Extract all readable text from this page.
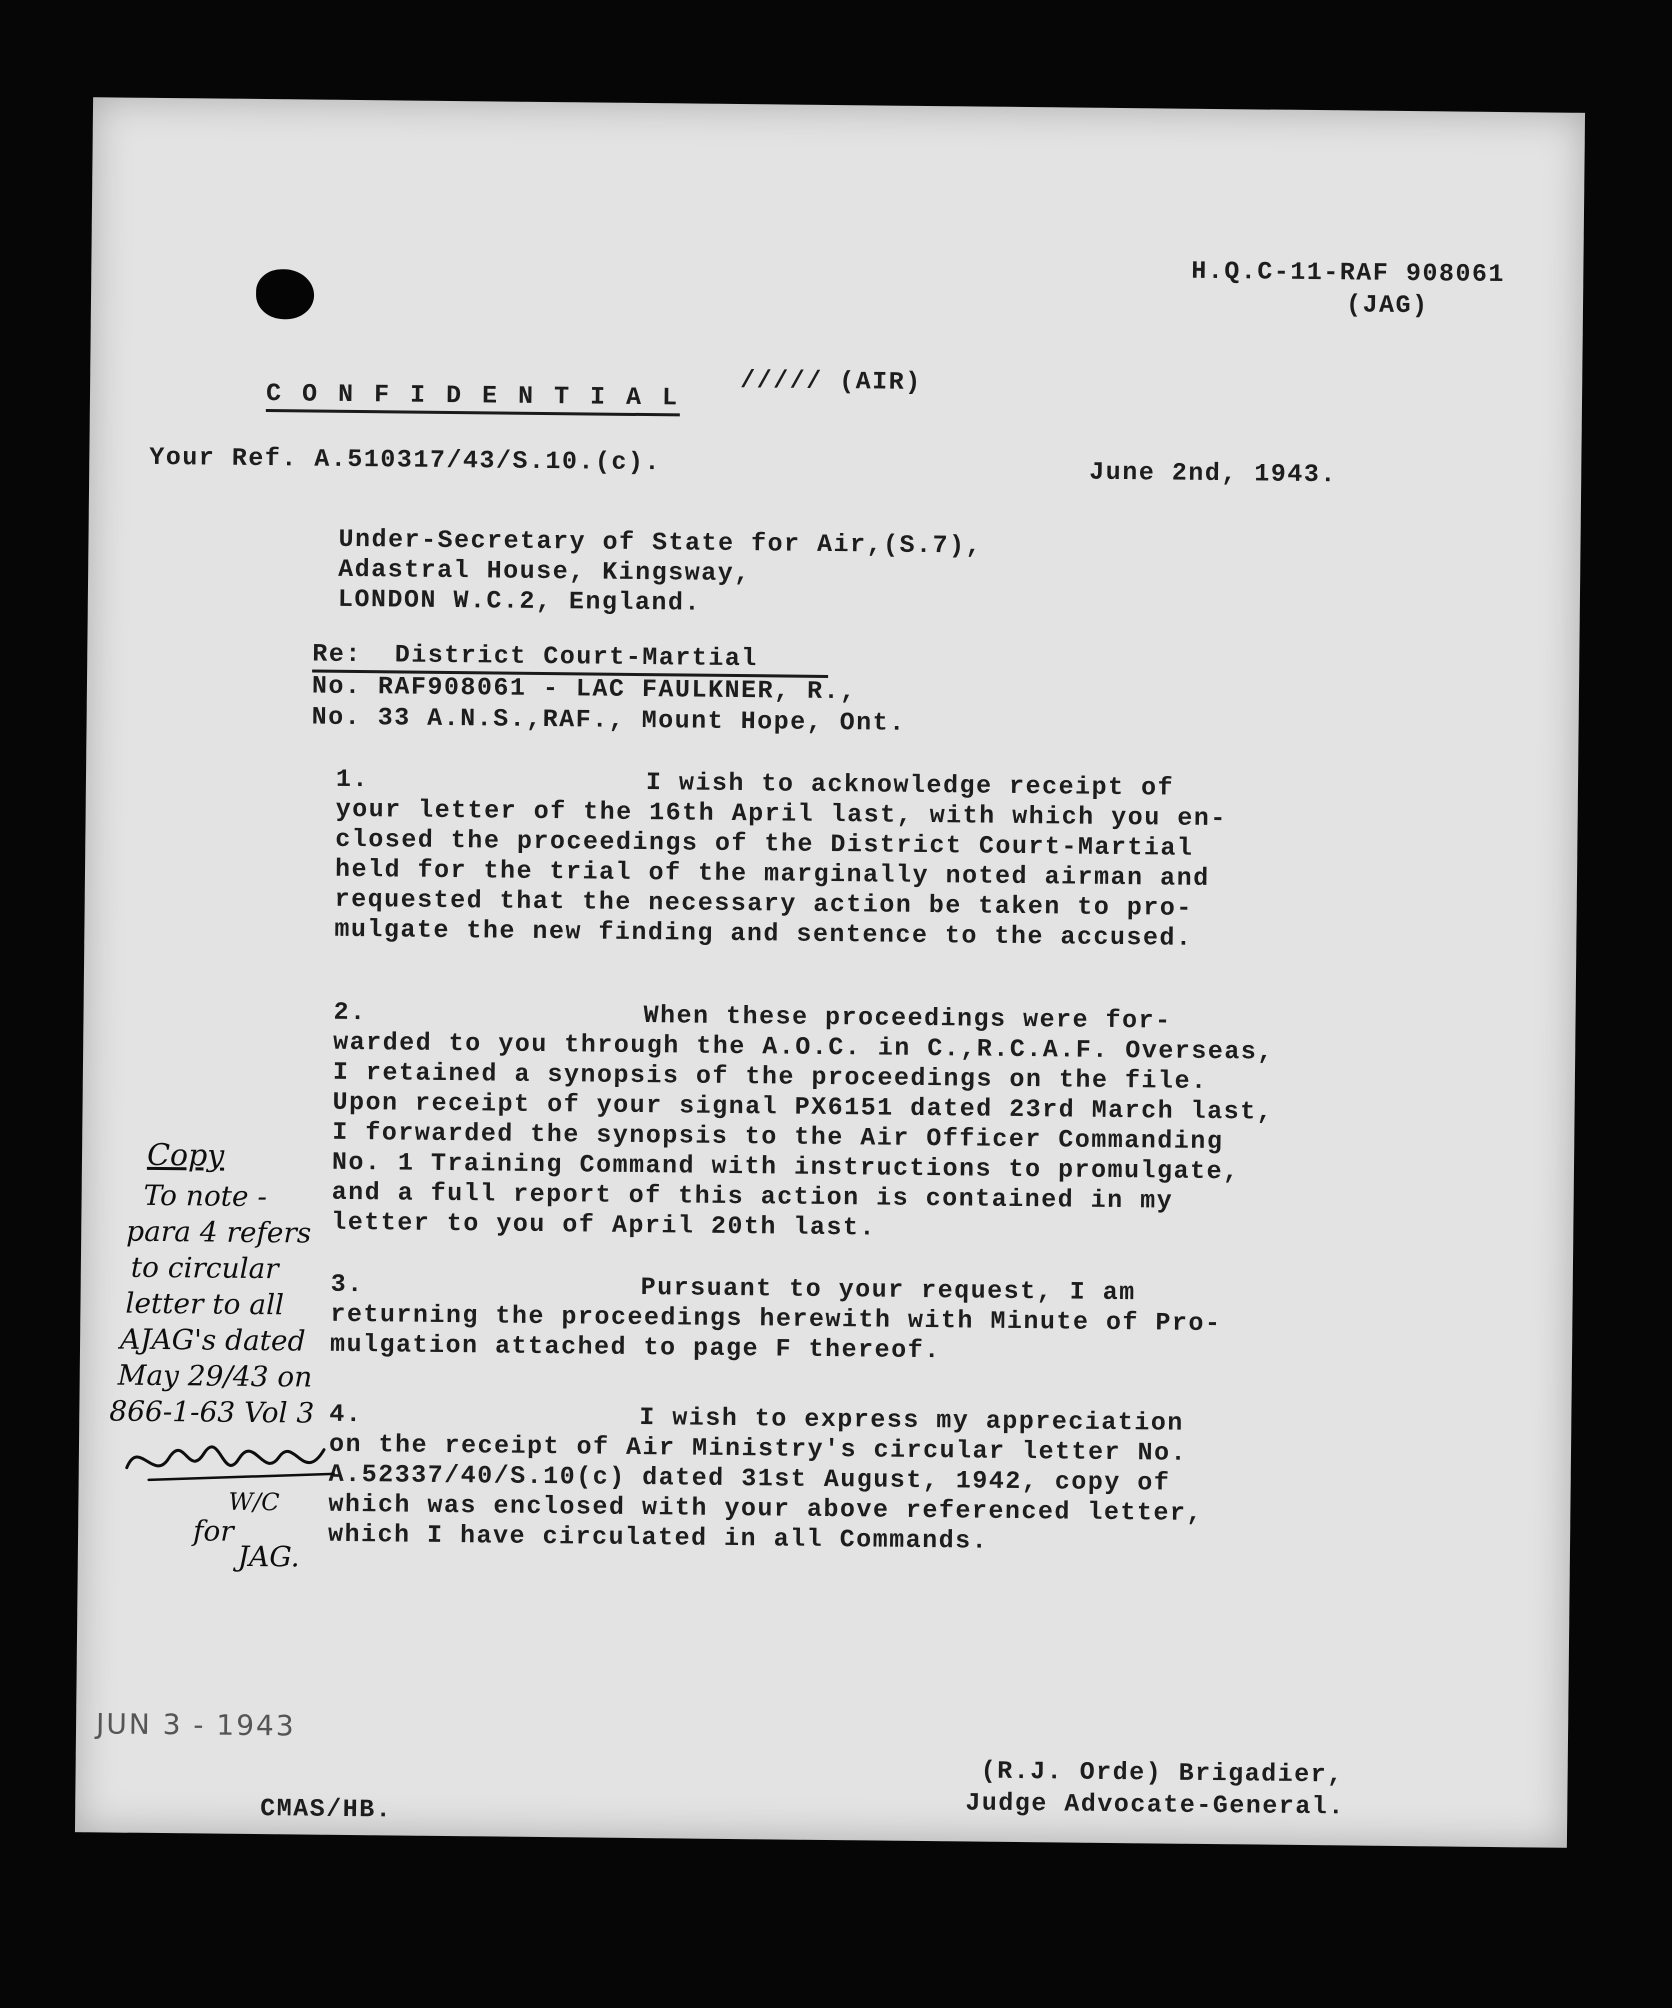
H.Q.C-11-RAF 908061
(JAG)
C O N F I D E N T I A L ///// (AIR)
Your Ref. A.510317/43/S.10.(c).	June 2nd, 1943.
Under-Secretary of State for Air,(S.7),
Adastral House, Kingsway,
LONDON W.C.2, England.
Re:  District Court-Martial
No. RAF908061 - LAC FAULKNER, R.,
No. 33 A.N.S.,RAF., Mount Hope, Ont.
1.	I wish to acknowledge receipt of
your letter of the 16th April last, with which you en-
closed the proceedings of the District Court-Martial
held for the trial of the marginally noted airman and
requested that the necessary action be taken to pro-
mulgate the new finding and sentence to the accused.
2.	When these proceedings were for-
warded to you through the A.O.C. in C.,R.C.A.F. Overseas,
I retained a synopsis of the proceedings on the file.
Upon receipt of your signal PX6151 dated 23rd March last,
I forwarded the synopsis to the Air Officer Commanding
No. 1 Training Command with instructions to promulgate,
and a full report of this action is contained in my
letter to you of April 20th last.
3.	Pursuant to your request, I am
returning the proceedings herewith with Minute of Pro-
mulgation attached to page F thereof.
4.	I wish to express my appreciation
on the receipt of Air Ministry's circular letter No.
A.52337/40/S.10(c) dated 31st August, 1942, copy of
which was enclosed with your above referenced letter,
which I have circulated in all Commands.
Copy
To note -
para 4 refers
to circular
letter to all
AJAG's dated
May 29/43 on
866-1-63 Vol 3
W/C
for
JAG.
JUN 3 - 1943
(R.J. Orde) Brigadier,
Judge Advocate-General.
CMAS/HB.
